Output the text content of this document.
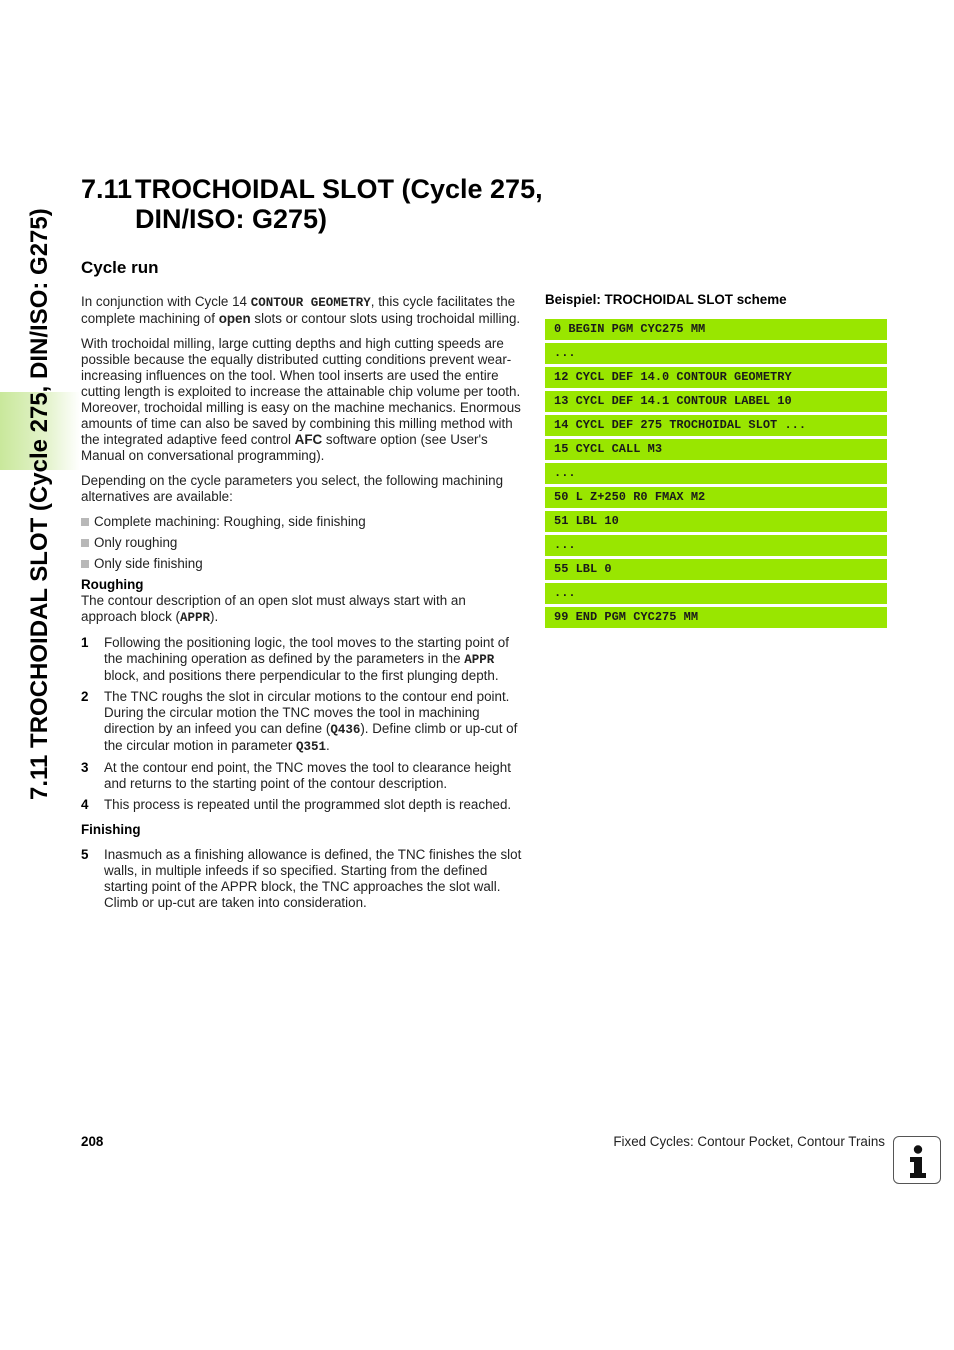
7.11 TROCHOIDAL SLOT (Cycle 275, DIN/ISO: G275)
7.11 TROCHOIDAL SLOT (Cycle 275,
DIN/ISO: G275)
Cycle run

In conjunction with Cycle 14 CONTOUR GEOMETRY, this cycle facilitates the complete machining of open slots or contour slots using trochoidal milling.

With trochoidal milling, large cutting depths and high cutting speeds are possible because the equally distributed cutting conditions prevent wear-increasing influences on the tool. When tool inserts are used the entire cutting length is exploited to increase the attainable chip volume per tooth. Moreover, trochoidal milling is easy on the machine mechanics. Enormous amounts of time can also be saved by combining this milling method with the integrated adaptive feed control AFC software option (see User's Manual on conversational programming).

Depending on the cycle parameters you select, the following machining alternatives are available:

Complete machining: Roughing, side finishing
Only roughing
Only side finishing
Roughing

The contour description of an open slot must always start with an approach block (APPR).

1 Following the positioning logic, the tool moves to the starting point of the machining operation as defined by the parameters in the APPR block, and positions there perpendicular to the first plunging depth.
2 The TNC roughs the slot in circular motions to the contour end point. During the circular motion the TNC moves the tool in machining direction by an infeed you can define (Q436). Define climb or up-cut of the circular motion in parameter Q351.
3 At the contour end point, the TNC moves the tool to clearance height and returns to the starting point of the contour description.
4 This process is repeated until the programmed slot depth is reached.
Finishing
5 Inasmuch as a finishing allowance is defined, the TNC finishes the slot walls, in multiple infeeds if so specified. Starting from the defined starting point of the APPR block, the TNC approaches the slot wall. Climb or up-cut are taken into consideration.
Beispiel: TROCHOIDAL SLOT scheme
0 BEGIN PGM CYC275 MM
...
12 CYCL DEF 14.0 CONTOUR GEOMETRY
13 CYCL DEF 14.1 CONTOUR LABEL 10
14 CYCL DEF 275 TROCHOIDAL SLOT ...
15 CYCL CALL M3
...
50 L Z+250 R0 FMAX M2
51 LBL 10
...
55 LBL 0
...
99 END PGM CYC275 MM
208	Fixed Cycles: Contour Pocket, Contour Trains
